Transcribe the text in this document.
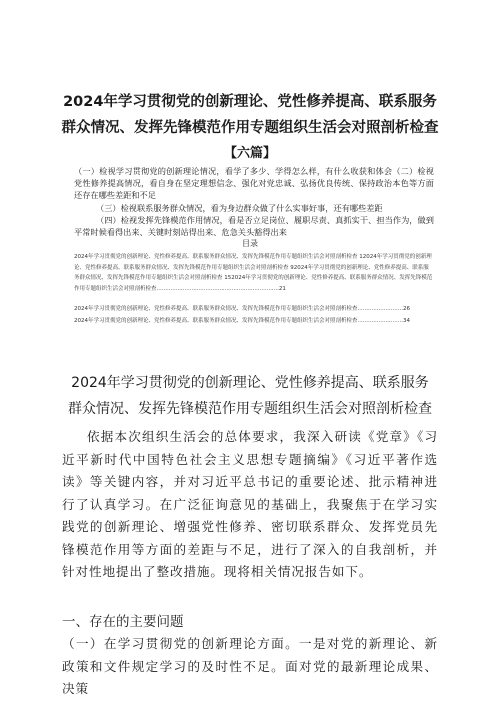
2024年学习贯彻党的创新理论、党性修养提高、联系服务

群众情况、发挥先锋模范作用专题组织生活会对照剖析检查

【六篇】

（一）检视学习贯彻党的创新理论情况，看学了多少、学得怎么样，有什么收获和体会（二）检视党性修养提高情况，看自身在坚定理想信念、强化对党忠诚、弘扬优良传统、保持政治本色等方面还存在哪些差距和不足

（三）检视联系服务群众情况，看为身边群众做了什么实事好事，还有哪些差距

（四）检视发挥先锋模范作用情况，看是否立足岗位、履职尽责、真抓实干、担当作为，做到平常时候看得出来、关键时刻站得出来、危急关头豁得出来

目录

2024年学习贯彻党的创新理论、党性修养提高、联系服务群众情况、发挥先锋模范作用专题组织生活会对照剖析检查 12024年学习贯彻党的创新理论、党性修养提高、联系服务群众情况、发挥先锋模范作用专题组织生活会对照剖析检查 92024年学习贯彻党的创新理论、党性修养提高、联系服务群众情况、发挥先锋模范作用专题组织生活会对照剖析检查 152024年学习贯彻党的创新理论、党性修养提高、联系服务群众情况、发挥先锋模范作用专题组织生活会对照剖析检查......................................................................21

2024年学习贯彻党的创新理论、党性修养提高、联系服务群众情况、发挥先锋模范作用专题组织生活会对照剖析检查..........................26

2024年学习贯彻党的创新理论、党性修养提高、联系服务群众情况、发挥先锋模范作用专题组织生活会对照剖析检查..........................34

2024年学习贯彻党的创新理论、党性修养提高、联系服务

群众情况、发挥先锋模范作用专题组织生活会对照剖析检查

依据本次组织生活会的总体要求，我深入研读《党章》《习近平新时代中国特色社会主义思想专题摘编》《习近平著作选读》等关键内容，并对习近平总书记的重要论述、批示精神进行了认真学习。在广泛征询意见的基础上，我聚焦于在学习实践党的创新理论、增强党性修养、密切联系群众、发挥党员先锋模范作用等方面的差距与不足，进行了深入的自我剖析，并针对性地提出了整改措施。现将相关情况报告如下。

一、存在的主要问题

（一）在学习贯彻党的创新理论方面。一是对党的新理论、新政策和文件规定学习的及时性不足。面对党的最新理论成果、决策
